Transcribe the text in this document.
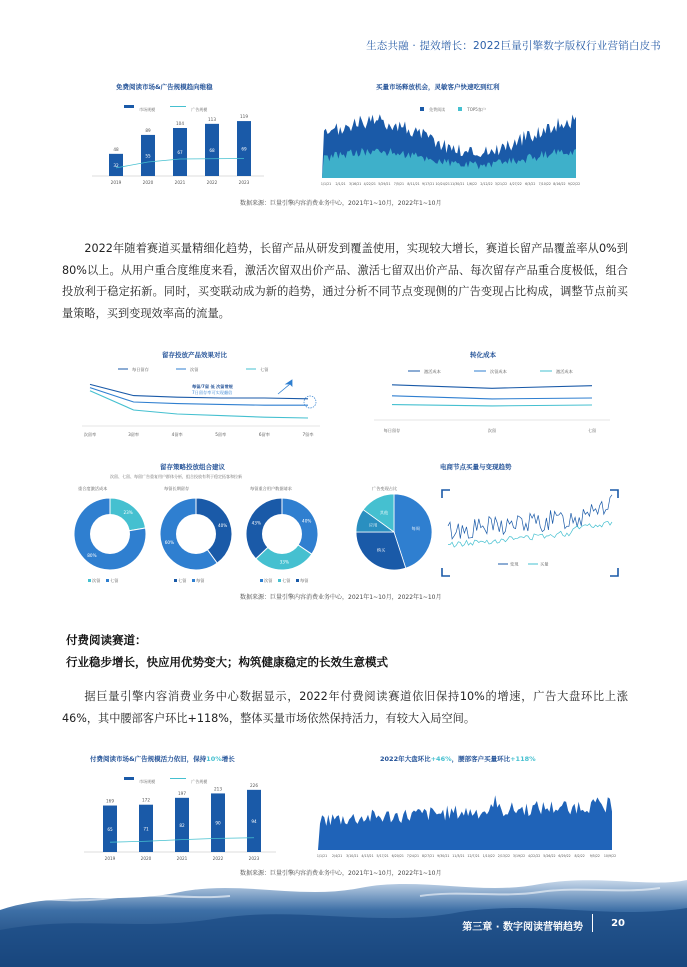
生态共融 · 提效增长：2022巨量引擎数字版权行业营销白皮书
免费阅读市场&广告规模趋向维稳
市场规模	广告规模
48
32
2019
89
55
2020
104
67
2021
113
68
2022
119
69
2023
买量市场释放机会，灵敏客户快速吃到红利
免费阅读	TOP5客户
1/1/21 2/1/21 3/16/21 4/22/21 5/29/21 7/5/21 8/11/21 9/17/21 10/24/21 11/30/21 1/6/22 2/12/22 3/21/22 4/27/22 6/3/22 7/10/22 8/16/22 9/22/22
数据来源：巨量引擎内容消费业务中心，2021年1~10月，2022年1~10月

2022年随着赛道买量精细化趋势，长留产品从研发到覆盖使用，实现较大增长，赛道长留产品覆盖率从0%到80%以上。从用户重合度维度来看，激活次留双出价产品、激活七留双出价产品、每次留存产品重合度极低，组合投放利于稳定拓新。同时，买变联动成为新的趋势，通过分析不同节点变现侧的广告变现占比构成，调整节点前买量策略，买到变现效率高的流量。

留存投放产品效果对比
每日留存	次留	七留
次留率	3留率	4留率	5留率	6留率	7留率
每留/7留 低 次留常规
7日留存率可实现翻倍
转化成本
激活成本	次留成本	激活成本
每日留存	次留	七留
留存策略投放组合建议
次留、七留、每留广告重复用户群体分析，组合投放有利于稳定拓客和拉新
重合度激活成本
23%
80%
次留 七留
每留长期留存
40%
60%
七留 每留
每留重合用户数据请求
40%
33%
43%
次留 七留 每留
电商节点买量与变现趋势
广告变现占比
每周
购买
应用
其他
变现	买量
数据来源：巨量引擎内容消费业务中心，2021年1~10月，2022年1~10月
付费阅读赛道：
行业稳步增长，快应用优势变大；构筑健康稳定的长效生意模式

据巨量引擎内容消费业务中心数据显示，2022年付费阅读赛道依旧保持10%的增速，广告大盘环比上涨46%，其中腰部客户环比+118%，整体买量市场依然保持活力，有较大入局空间。

付费阅读市场&广告规模活力依旧，保持10%增长
市场规模	广告规模
169
65
2019
172
71
2020
197
82
2021
213
90
2022
226
94
2023
2022年大盘环比+46%，腰部客户买量环比+118%
1/1/21 2/4/21 3/10/21 4/13/21 5/17/21 6/20/21 7/24/21 8/27/21 9/30/21 11/3/21 12/7/21 1/10/22 2/13/22 3/19/22 4/22/22 5/26/22 6/29/22 8/2/22 9/5/22 10/9/22
数据来源：巨量引擎内容消费业务中心，2021年1~10月，2022年1~10月
第三章 · 数字阅读营销趋势	20
